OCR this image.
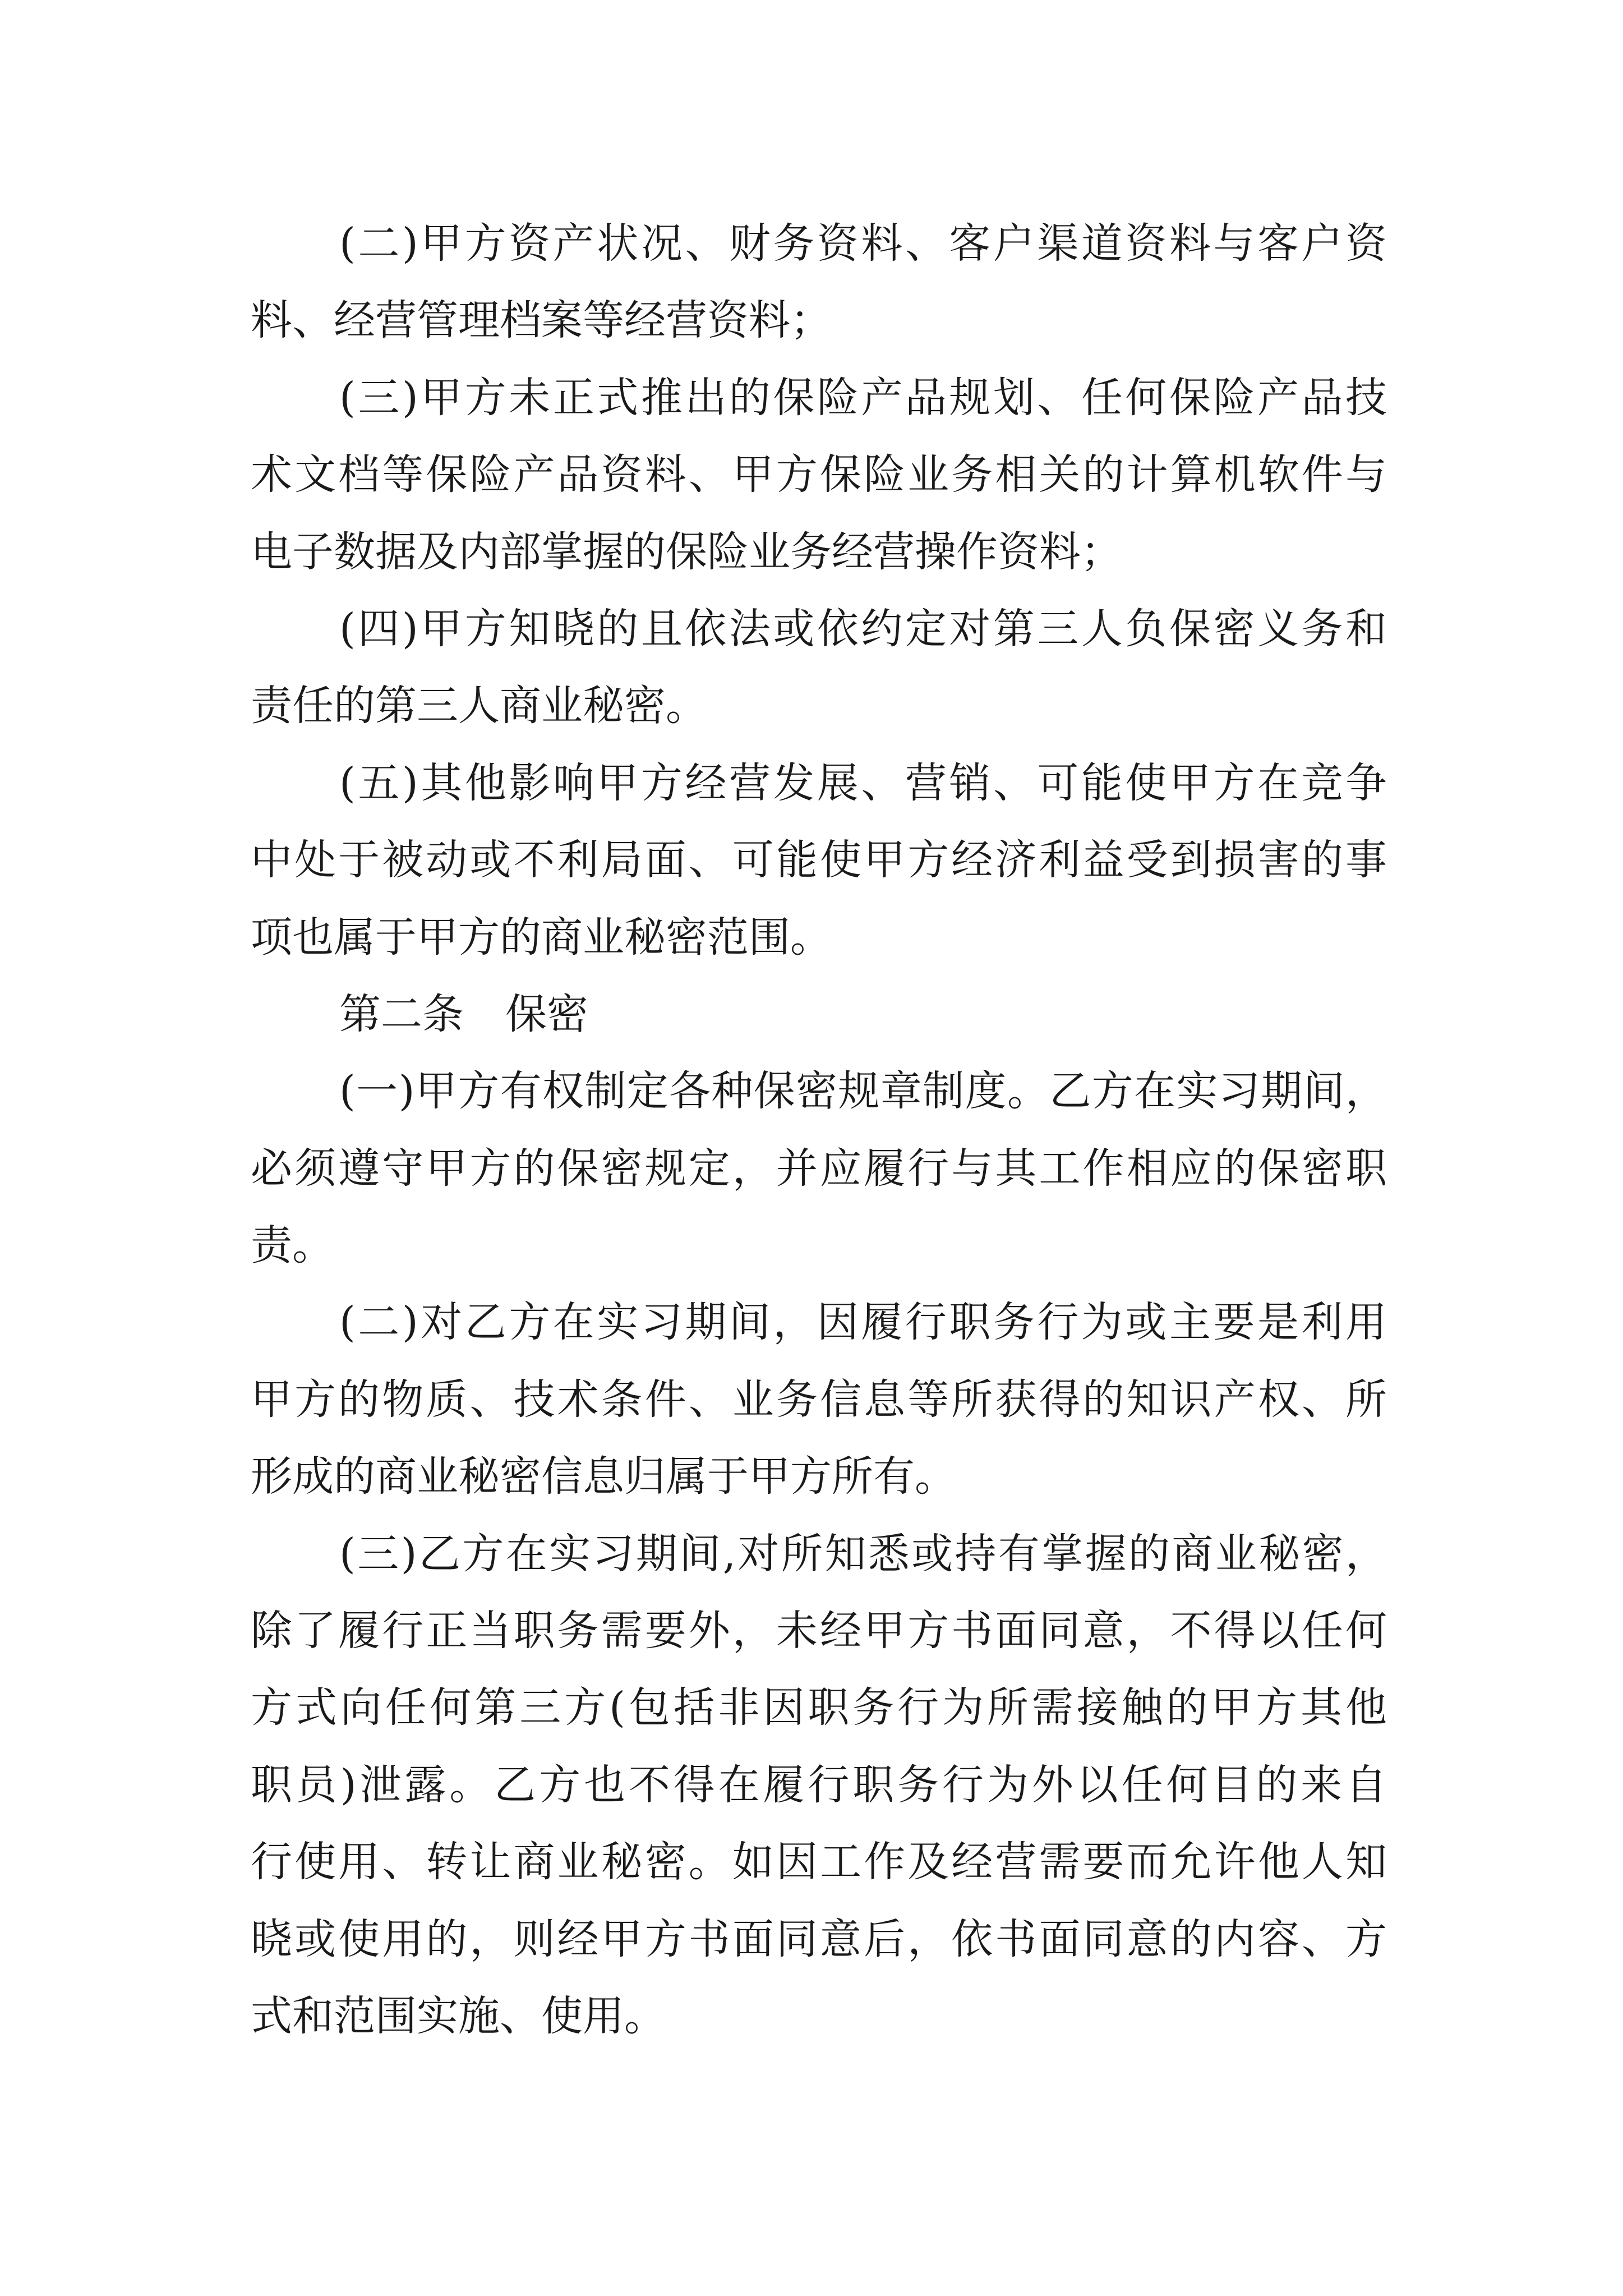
(二)甲方资产状况、财务资料、客户渠道资料与客户资
料、经营管理档案等经营资料；
(三)甲方未正式推出的保险产品规划、任何保险产品技
术文档等保险产品资料、甲方保险业务相关的计算机软件与
电子数据及内部掌握的保险业务经营操作资料；
(四)甲方知晓的且依法或依约定对第三人负保密义务和
责任的第三人商业秘密。
(五)其他影响甲方经营发展、营销、可能使甲方在竞争
中处于被动或不利局面、可能使甲方经济利益受到损害的事
项也属于甲方的商业秘密范围。
第二条　保密
(一)甲方有权制定各种保密规章制度。乙方在实习期间，
必须遵守甲方的保密规定，并应履行与其工作相应的保密职
责。
(二)对乙方在实习期间，因履行职务行为或主要是利用
甲方的物质、技术条件、业务信息等所获得的知识产权、所
形成的商业秘密信息归属于甲方所有。
(三)乙方在实习期间,对所知悉或持有掌握的商业秘密，
除了履行正当职务需要外，未经甲方书面同意，不得以任何
方式向任何第三方(包括非因职务行为所需接触的甲方其他
职员)泄露。乙方也不得在履行职务行为外以任何目的来自
行使用、转让商业秘密。如因工作及经营需要而允许他人知
晓或使用的，则经甲方书面同意后，依书面同意的内容、方
式和范围实施、使用。
